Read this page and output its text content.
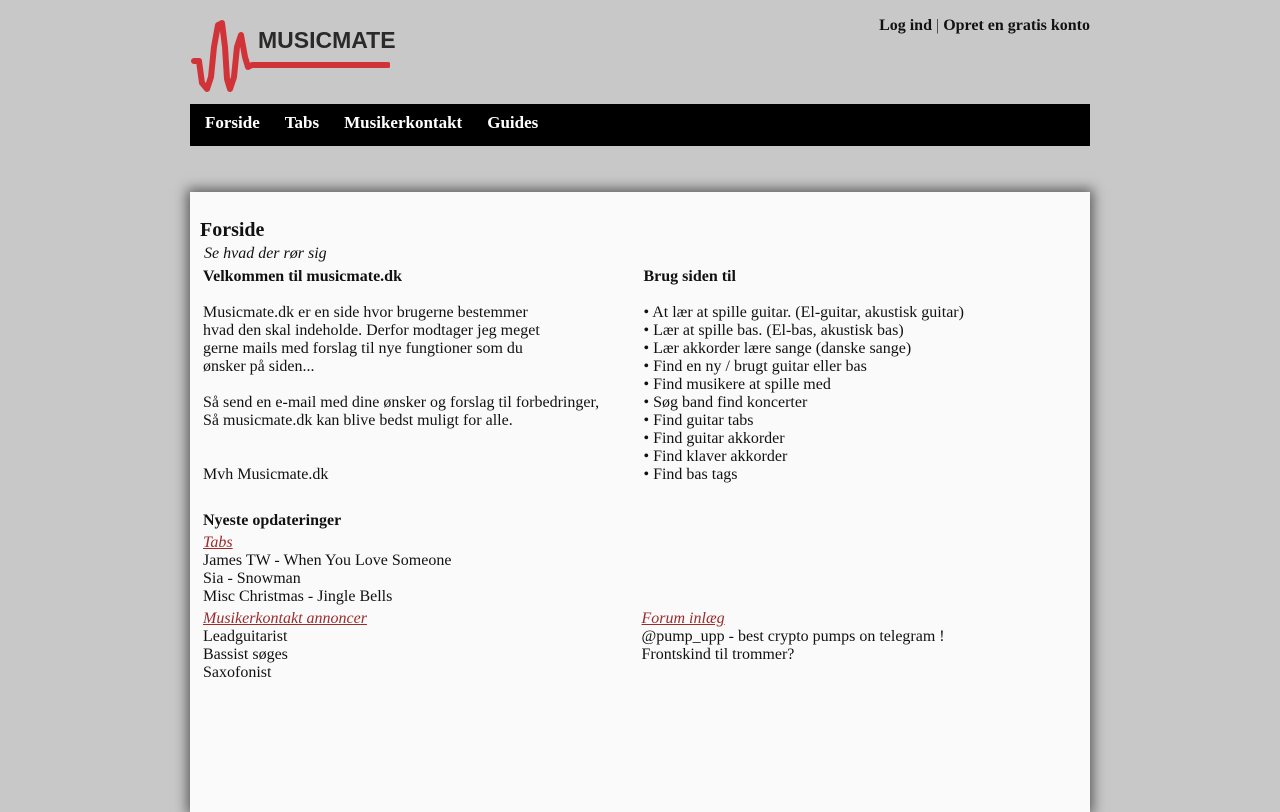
MUSICMATE
Log ind | Opret en gratis konto
Forside Tabs Musikerkontakt Guides
Forside

Se hvad der rør sig

Velkommen til musicmate.dk
Musicmate.dk er en side hvor brugerne bestemmer
hvad den skal indeholde. Derfor modtager jeg meget
gerne mails med forslag til nye fungtioner som du
ønsker på siden...
Så send en e-mail med dine ønsker og forslag til forbedringer,
Så musicmate.dk kan blive bedst muligt for alle.
Mvh Musicmate.dk
Brug siden til
• At lær at spille guitar. (El-guitar, akustisk guitar)
• Lær at spille bas. (El-bas, akustisk bas)
• Lær akkorder lære sange (danske sange)
• Find en ny / brugt guitar eller bas
• Find musikere at spille med
• Søg band find koncerter
• Find guitar tabs
• Find guitar akkorder
• Find klaver akkorder
• Find bas tags
Nyeste opdateringer
Tabs
James TW - When You Love Someone
Sia - Snowman
Misc Christmas - Jingle Bells
Musikerkontakt annoncer
Leadguitarist
Bassist søges
Saxofonist
Forum inlæg
@pump_upp - best crypto pumps on telegram !
Frontskind til trommer?
